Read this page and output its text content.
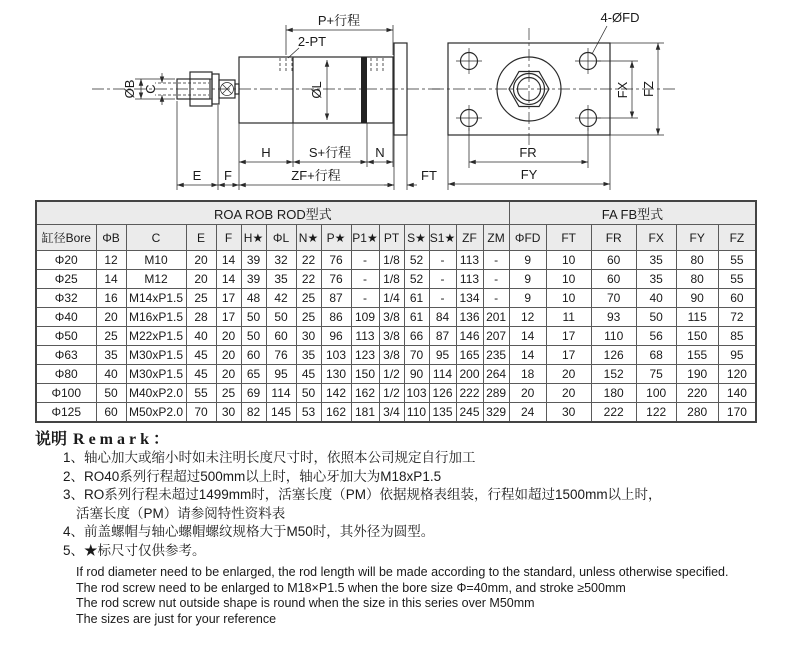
ØB C	ØL
P+行程
2-PT
H	S+行程 N
E F	ZF+行程	FT
4-ØFD
FX FZ
FR
FY
ROA ROB ROD型式															FA FB型式					
缸径Bore	ΦB	C	E	F	H★	ΦL	N★	P★	P1★	PT	S★	S1★	ZF	ZM	ΦFD	FT	FR	FX	FY	FZ
Φ20	12	M10	20	14	39	32	22	76	-	1/8	52	-	113	-	9	10	60	35	80	55
Φ25	14	M12	20	14	39	35	22	76	-	1/8	52	-	113	-	9	10	60	35	80	55
Φ32	16	M14xP1.5	25	17	48	42	25	87	-	1/4	61	-	134	-	9	10	70	40	90	60
Φ40	20	M16xP1.5	28	17	50	50	25	86	109	3/8	61	84	136	201	12	11	93	50	115	72
Φ50	25	M22xP1.5	40	20	50	60	30	96	113	3/8	66	87	146	207	14	17	110	56	150	85
Φ63	35	M30xP1.5	45	20	60	76	35	103	123	3/8	70	95	165	235	14	17	126	68	155	95
Φ80	40	M30xP1.5	45	20	65	95	45	130	150	1/2	90	114	200	264	18	20	152	75	190	120
Φ100	50	M40xP2.0	55	25	69	114	50	142	162	1/2	103	126	222	289	20	20	180	100	220	140
Φ125	60	M50xP2.0	70	30	82	145	53	162	181	3/4	110	135	245	329	24	30	222	122	280	170
说明 Remark：
1、轴心加大或缩小时如未注明长度尺寸时，依照本公司规定自行加工
2、RO40系列行程超过500mm以上时，轴心牙加大为M18xP1.5
3、RO系列行程未超过1499mm时，活塞长度（PM）依据规格表组装，行程如超过1500mm以上时，
活塞长度（PM）请参阅特性资料表
4、前盖螺帽与轴心螺帽螺纹规格大于M50时，其外径为圆型。
5、★标尺寸仅供参考。
If rod diameter need to be enlarged, the rod length will be made according to the standard, unless otherwise specified.
The rod screw need to be enlarged to M18×P1.5 when the bore size Φ=40mm, and stroke ≥500mm
The rod screw nut outside shape is round when the size in this series over M50mm
The sizes are just for your reference
